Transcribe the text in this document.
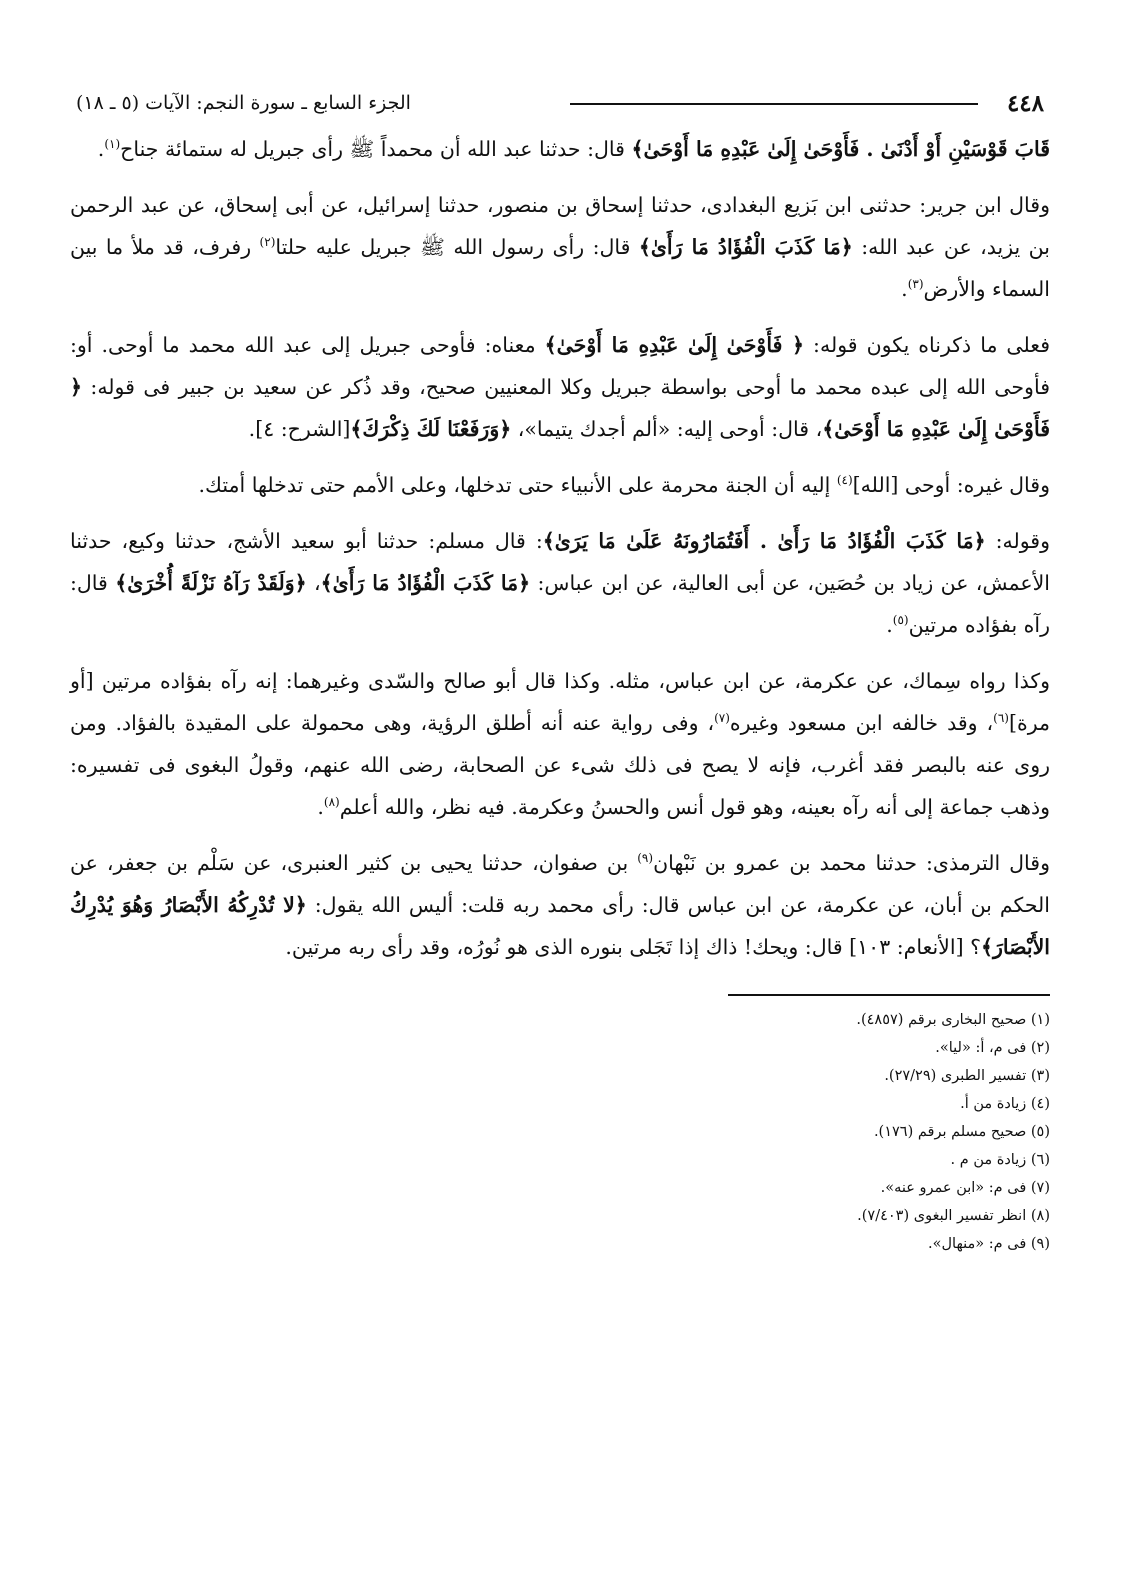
٤٤٨
الجزء السابع ـ سورة النجم: الآيات (٥ ـ ١٨)

قَابَ قَوْسَيْنِ أَوْ أَدْنَىٰ . فَأَوْحَىٰ إِلَىٰ عَبْدِهِ مَا أَوْحَىٰ﴾ قال: حدثنا عبد الله أن محمداً ﷺ رأى جبريل له ستمائة جناح$^{(١)}$.

وقال ابن جرير: حدثنى ابن بَزيع البغدادى، حدثنا إسحاق بن منصور، حدثنا إسرائيل، عن أبى إسحاق، عن عبد الرحمن بن يزيد، عن عبد الله: ﴿مَا كَذَبَ الْفُؤَادُ مَا رَأَىٰ﴾ قال: رأى رسول الله ﷺ جبريل عليه حلتا$^{(٢)}$ رفرف، قد ملأ ما بين السماء والأرض$^{(٣)}$.

فعلى ما ذكرناه يكون قوله: ﴿ فَأَوْحَىٰ إِلَىٰ عَبْدِهِ مَا أَوْحَىٰ﴾ معناه: فأوحى جبريل إلى عبد الله محمد ما أوحى. أو: فأوحى الله إلى عبده محمد ما أوحى بواسطة جبريل وكلا المعنيين صحيح، وقد ذُكر عن سعيد بن جبير فى قوله: ﴿ فَأَوْحَىٰ إِلَىٰ عَبْدِهِ مَا أَوْحَىٰ﴾، قال: أوحى إليه: «ألم أجدك يتيما»، ﴿وَرَفَعْنَا لَكَ ذِكْرَكَ﴾[الشرح: ٤].

وقال غيره: أوحى [الله]$^{(٤)}$ إليه أن الجنة محرمة على الأنبياء حتى تدخلها، وعلى الأمم حتى تدخلها أمتك.

وقوله: ﴿مَا كَذَبَ الْفُؤَادُ مَا رَأَىٰ . أَفَتُمَارُونَهُ عَلَىٰ مَا يَرَىٰ﴾: قال مسلم: حدثنا أبو سعيد الأشج، حدثنا وكيع، حدثنا الأعمش، عن زياد بن حُصَين، عن أبى العالية، عن ابن عباس: ﴿مَا كَذَبَ الْفُؤَادُ مَا رَأَىٰ﴾، ﴿وَلَقَدْ رَآهُ نَزْلَةً أُخْرَىٰ﴾ قال: رآه بفؤاده مرتين$^{(٥)}$.

وكذا رواه سِماك، عن عكرمة، عن ابن عباس، مثله. وكذا قال أبو صالح والسّدى وغيرهما: إنه رآه بفؤاده مرتين [أو مرة]$^{(٦)}$، وقد خالفه ابن مسعود وغيره$^{(٧)}$، وفى رواية عنه أنه أطلق الرؤية، وهى محمولة على المقيدة بالفؤاد. ومن روى عنه بالبصر فقد أغرب، فإنه لا يصح فى ذلك شىء عن الصحابة، رضى الله عنهم، وقولُ البغوى فى تفسيره: وذهب جماعة إلى أنه رآه بعينه، وهو قول أنس والحسنُ وعكرمة. فيه نظر، والله أعلم$^{(٨)}$.

وقال الترمذى: حدثنا محمد بن عمرو بن نَبْهان$^{(٩)}$ بن صفوان، حدثنا يحيى بن كثير العنبرى، عن سَلْم بن جعفر، عن الحكم بن أبان، عن عكرمة، عن ابن عباس قال: رأى محمد ربه قلت: أليس الله يقول: ﴿لا تُدْرِكُهُ الأَبْصَارُ وَهُوَ يُدْرِكُ الأَبْصَارَ﴾؟ [الأنعام: ١٠٣] قال: ويحك! ذاك إذا تَجَلى بنوره الذى هو نُورُه، وقد رأى ربه مرتين.

(١) صحيح البخارى برقم (٤٨٥٧).
(٢) فى م، أ: «ليا».
(٣) تفسير الطبرى (٢٧/٢٩).
(٤) زيادة من أ.
(٥) صحيح مسلم برقم (١٧٦).
(٦) زيادة من م .
(٧) فى م: «ابن عمرو عنه».
(٨) انظر تفسير البغوى (٧/٤٠٣).
(٩) فى م: «منهال».
